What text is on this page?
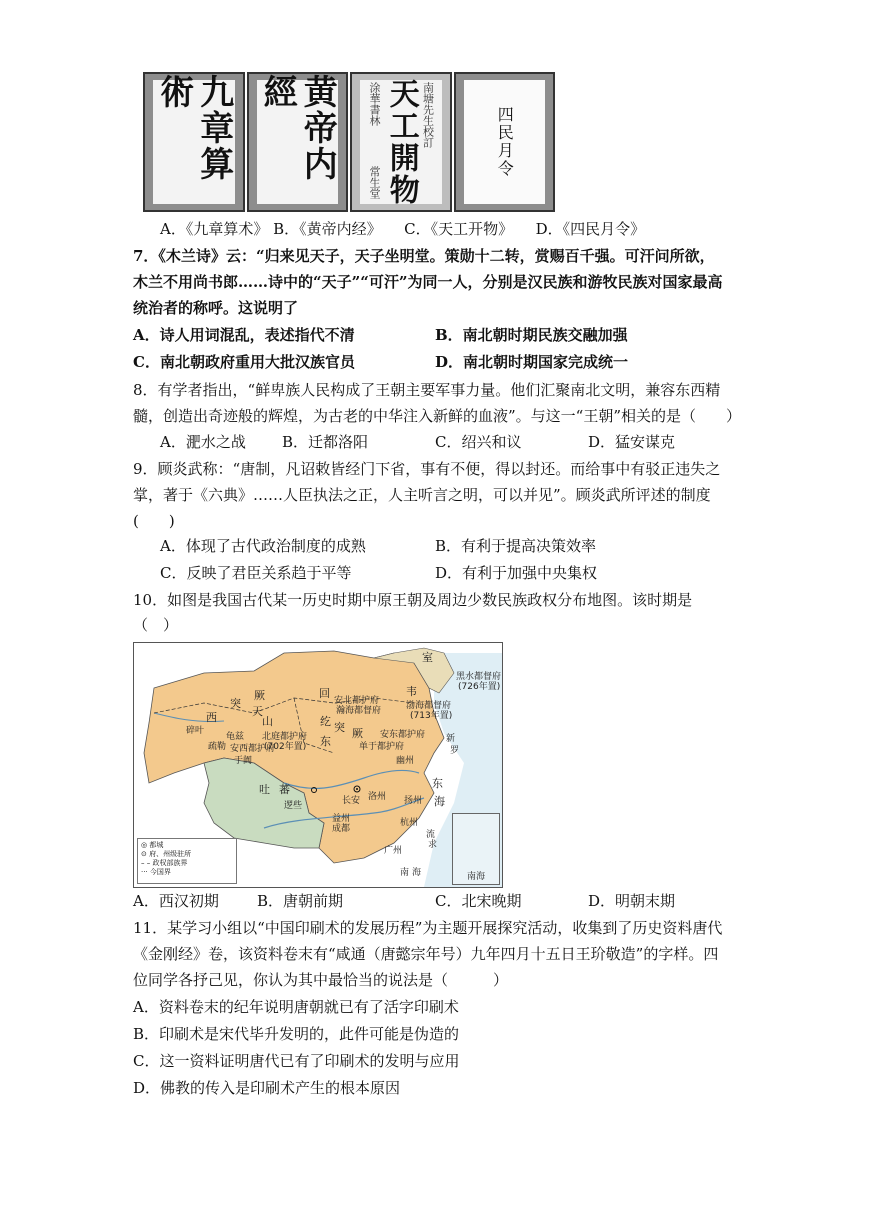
九章算術	黄帝内經	涂華書林
常生堂 天工開物 南塘先生校訂	四民月令
A．《九章算术》 B．《黄帝内经》　　C．《天工开物》　　D．《四民月令》
7．《木兰诗》云：“归来见天子，天子坐明堂。策勋十二转，赏赐百千强。可汗问所欲，
木兰不用尚书郎……诗中的“天子”“可汗”为同一人，分别是汉民族和游牧民族对国家最高
统治者的称呼。这说明了
A．诗人用词混乱，表述指代不清	B．南北朝时期民族交融加强
C．南北朝政府重用大批汉族官员	D．南北朝时期国家完成统一
8．有学者指出，“鲜卑族人民构成了王朝主要军事力量。他们汇聚南北文明，兼容东西精
髓，创造出奇迹般的辉煌，为古老的中华注入新鲜的血液”。与这一“王朝”相关的是（　　）
A．淝水之战 B．迁都洛阳	C．绍兴和议	D．猛安谋克
9．顾炎武称：“唐制，凡诏敕皆经门下省，事有不便，得以封还。而给事中有驳正违失之
掌，著于《六典》……人臣执法之正，人主听言之明，可以并见”。顾炎武所评述的制度
(　　)
A．体现了古代政治制度的成熟	B．有利于提高决策效率
C．反映了君臣关系趋于平等	D．有利于加强中央集权
10．如图是我国古代某一历史时期中原王朝及周边少数民族政权分布地图。该时期是
（　）
室
韦
回
纥
西
突
天
山
厥
东
突 厥
安北都护府
瀚海都督府
黑水都督府
(726年置)
渤海都督府
(713年置)
安东都护府
单于都护府
幽州
北庭都护府
(702年置)
安西都护府
龟兹
疏勒
碎叶
于阗
吐 蕃
逻些	长安 洛州 扬州
益州
成都
杭州
广州
新
罗
东
海
流
求
南 海
◎ 都城
⊙ 府、州级驻所
– – 政权部族界
··· 今国界	南海
A．西汉初期	B．唐朝前期	C．北宋晚期	D．明朝末期
11．某学习小组以“中国印刷术的发展历程”为主题开展探究活动，收集到了历史资料唐代
《金刚经》卷，该资料卷末有“咸通（唐懿宗年号）九年四月十五日王玠敬造”的字样。四
位同学各抒己见，你认为其中最恰当的说法是（　　　）
A．资料卷末的纪年说明唐朝就已有了活字印刷术
B．印刷术是宋代毕升发明的，此件可能是伪造的
C．这一资料证明唐代已有了印刷术的发明与应用
D．佛教的传入是印刷术产生的根本原因
